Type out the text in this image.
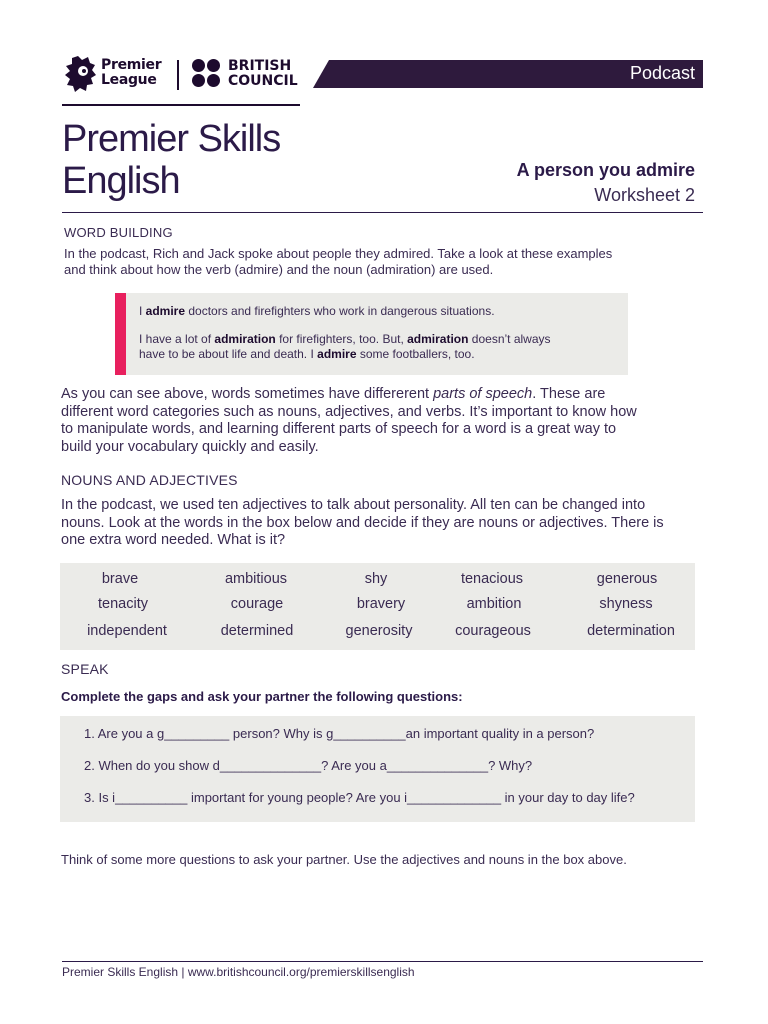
Premier
League
BRITISH
COUNCIL	Podcast
Premier Skills
English	A person you admire
Worksheet 2
WORD BUILDING
In the podcast, Rich and Jack spoke about people they admired. Take a look at these examples
and think about how the verb (admire) and the noun (admiration) are used.
I admire doctors and firefighters who work in dangerous situations.
I have a lot of admiration for firefighters, too. But, admiration doesn’t always
have to be about life and death. I admire some footballers, too.
As you can see above, words sometimes have differerent parts of speech. These are
different word categories such as nouns, adjectives, and verbs. It’s important to know how
to manipulate words, and learning different parts of speech for a word is a great way to
build your vocabulary quickly and easily.
NOUNS AND ADJECTIVES
In the podcast, we used ten adjectives to talk about personality. All ten can be changed into
nouns. Look at the words in the box below and decide if they are nouns or adjectives. There is
one extra word needed. What is it?
brave	ambitious	shy	tenacious	generous
tenacity	courage	bravery	ambition	shyness
independent	determined	generosity	courageous	determination
SPEAK
Complete the gaps and ask your partner the following questions:
1. Are you a g_________ person? Why is g__________an important quality in a person?
2. When do you show d______________? Are you a______________? Why?
3. Is i__________ important for young people? Are you i_____________ in your day to day life?
Think of some more questions to ask your partner. Use the adjectives and nouns in the box above.
Premier Skills English | www.britishcouncil.org/premierskillsenglish
